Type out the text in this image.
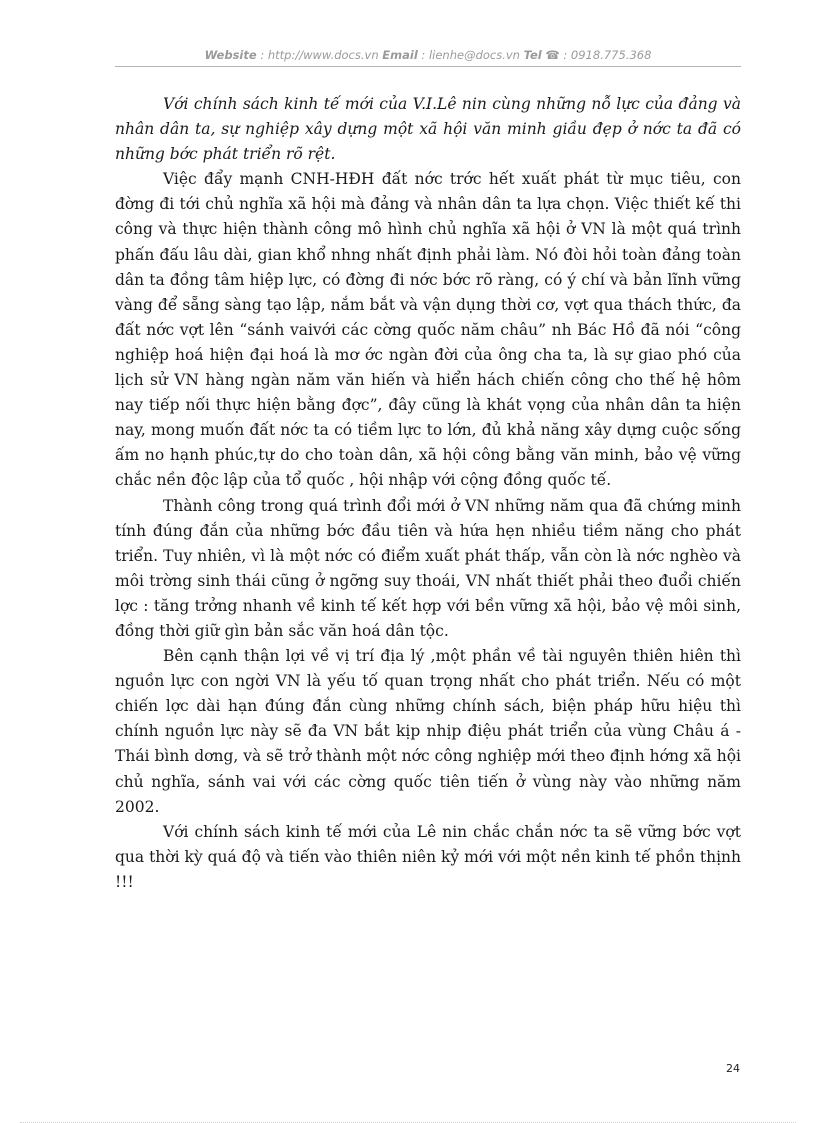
Website : http://www.docs.vn Email : lienhe@docs.vn Tel ☎ : 0918.775.368

Với chính sách kinh tế mới của V.I.Lê nin cùng những nỗ lực của đảng và nhân dân ta, sự nghiệp xây dựng một xã hội văn minh giầu đẹp ở nớc ta đã có những bớc phát triển rõ rệt.

Việc đẩy mạnh CNH-HĐH đất nớc trớc hết xuất phát từ mục tiêu, con đờng đi tới chủ nghĩa xã hội mà đảng và nhân dân ta lựa chọn. Việc thiết kế thi công và thực hiện thành công mô hình chủ nghĩa xã hội ở VN là một quá trình phấn đấu lâu dài, gian khổ nhng nhất định phải làm. Nó đòi hỏi toàn đảng toàn dân ta đồng tâm hiệp lực, có đờng đi nớc bớc rõ ràng, có ý chí và bản lĩnh vững vàng để sẵng sàng tạo lập, nắm bắt và vận dụng thời cơ, vợt qua thách thức, đa đất nớc vợt lên “sánh vaivới các cờng quốc năm châu” nh Bác Hồ đã nói “công nghiệp hoá hiện đại hoá là mơ ớc ngàn đời của ông cha ta, là sự giao phó của lịch sử VN hàng ngàn năm văn hiến và hiển hách chiến công cho thế hệ hôm nay tiếp nối thực hiện bằng đợc”, đây cũng là khát vọng của nhân dân ta hiện nay, mong muốn đất nớc ta có tiềm lực to lớn, đủ khả năng xây dựng cuộc sống ấm no hạnh phúc,tự do cho toàn dân, xã hội công bằng văn minh, bảo vệ vững chắc nền độc lập của tổ quốc , hội nhập với cộng đồng quốc tế.

Thành công trong quá trình đổi mới ở VN những năm qua đã chứng minh tính đúng đắn của những bớc đầu tiên và hứa hẹn nhiều tiềm năng cho phát triển. Tuy nhiên, vì là một nớc có điểm xuất phát thấp, vẫn còn là nớc nghèo và môi trờng sinh thái cũng ở ngỡng suy thoái, VN nhất thiết phải theo đuổi chiến lợc : tăng trởng nhanh về kinh tế kết hợp với bền vững xã hội, bảo vệ môi sinh, đồng thời giữ gìn bản sắc văn hoá dân tộc.

Bên cạnh thận lợi về vị trí địa lý ,một phần về tài nguyên thiên hiên thì nguồn lực con ngời VN là yếu tố quan trọng nhất cho phát triển. Nếu có một chiến lợc dài hạn đúng đắn cùng những chính sách, biện pháp hữu hiệu thì chính nguồn lực này sẽ đa VN bắt kịp nhịp điệu phát triển của vùng Châu á - Thái bình dơng, và sẽ trở thành một nớc công nghiệp mới theo định hớng xã hội chủ nghĩa, sánh vai với các cờng quốc tiên tiến ở vùng này vào những năm 2002.

Với chính sách kinh tế mới của Lê nin chắc chắn nớc ta sẽ vững bớc vợt qua thời kỳ quá độ và tiến vào thiên niên kỷ mới với một nền kinh tế phồn thịnh !!!

24
